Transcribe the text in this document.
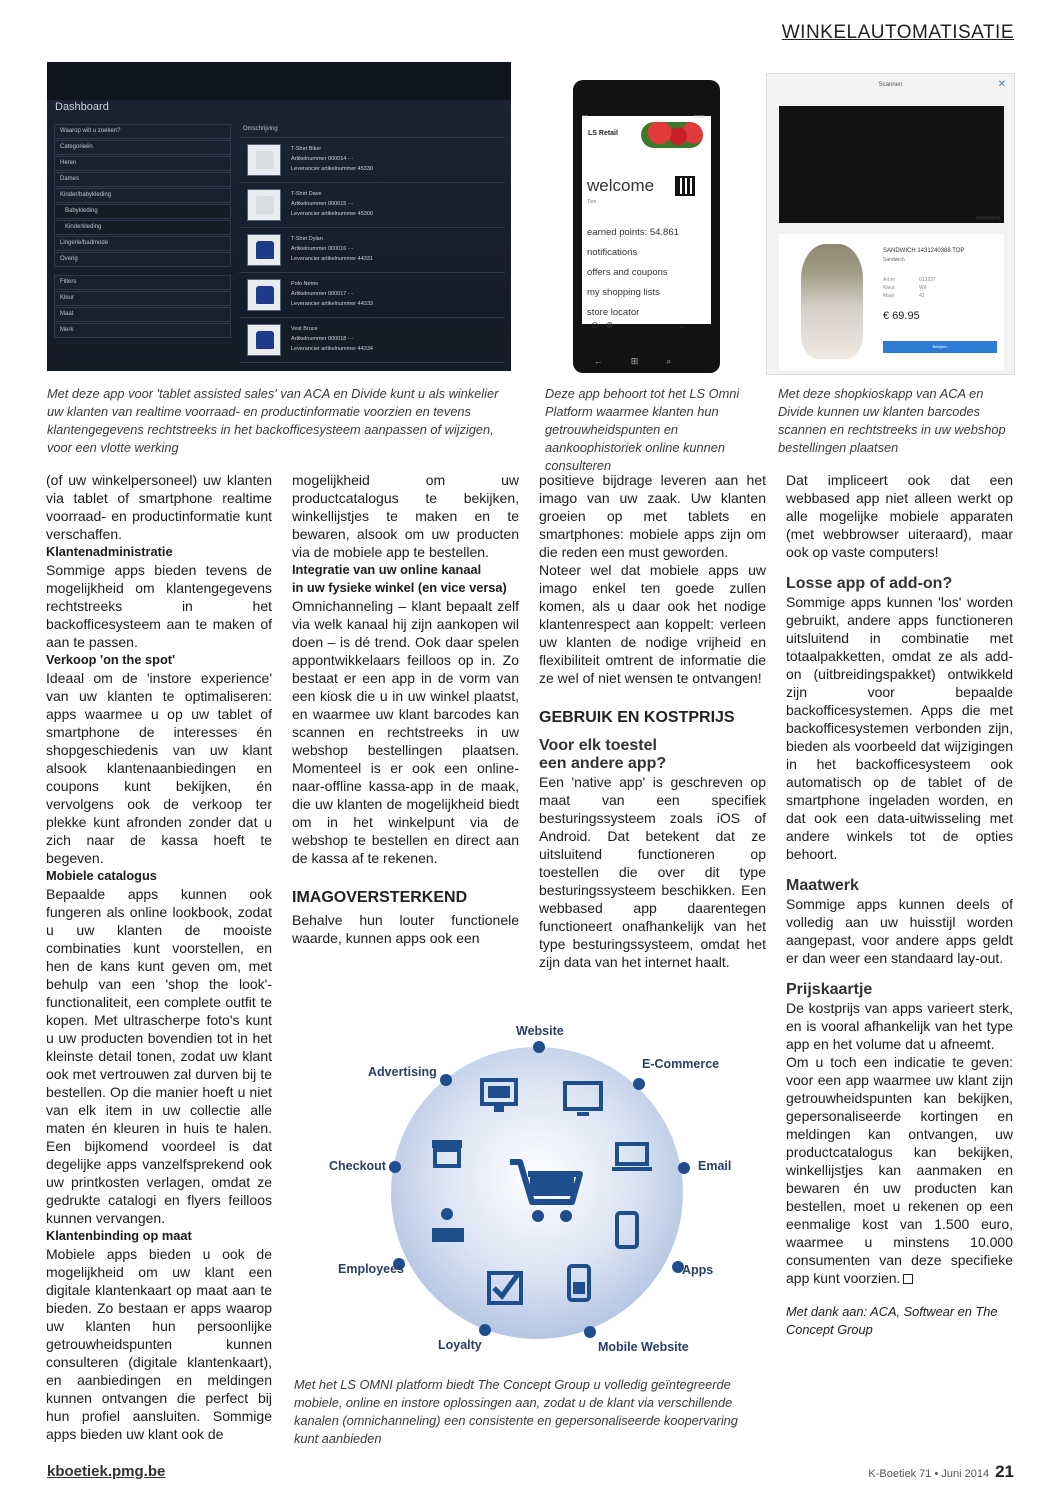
WINKELAUTOMATISATIE
Dashboard
Waarop wilt u zoeken?
Categorieën
Heren
Dames
Kinder/babykleding
Babykleding
Kinderkleding
Lingerie/badmode
Overig
Filters
Kleur
Maat
Merk
Omschrijving
T-Shirt Biker
Artikelnummer 000014 - -
Leverancier artikelnummer 45330
T-Shirt Dave
Artikelnummer 000015 - -
Leverancier artikelnummer 45300
T-Shirt Dylan
Artikelnummer 000016 - -
Leverancier artikelnummer 44331
Polo Nemo
Artikelnummer 000017 - -
Leverancier artikelnummer 44333
Vest Bruce
Artikelnummer 000018 - -
Leverancier artikelnummer 44334
LS Retail
4G	12:36
welcome
Tom
earned points: 54.861
notifications
offers and coupons
my shopping lists
store locator
⊙   ⊕	…
←⊞⌕
Scannen	✕
2013/04/8100
SANDWICH 1431240388 TOP
Sandwich
Art.nr	013237
Kleur	Wit
Maat	42
€ 69.95
Bekijken
Met deze app voor 'tablet assisted sales' van ACA en Divide kunt u als winkelier uw klanten van realtime voorraad- en productinformatie voorzien en tevens klantengegevens rechtstreeks in het backofficesysteem aanpassen of wijzigen, voor een vlotte werking
Deze app behoort tot het LS Omni Platform waarmee klanten hun getrouwheidspunten en aankoophistoriek online kunnen consulteren
Met deze shopkioskapp van ACA en Divide kunnen uw klanten barcodes scannen en rechtstreeks in uw webshop bestellingen plaatsen

(of uw winkelpersoneel) uw klanten via tablet of smartphone realtime voorraad- en productinformatie kunt verschaffen.

Klantenadministratie

Sommige apps bieden tevens de mogelijkheid om klantengegevens rechtstreeks in het backofficesysteem aan te maken of aan te passen.

Verkoop 'on the spot'

Ideaal om de 'instore experience' van uw klanten te optimaliseren: apps waarmee u op uw tablet of smartphone de interesses én shopgeschiedenis van uw klant alsook klantenaanbiedingen en coupons kunt bekijken, én vervolgens ook de verkoop ter plekke kunt afronden zonder dat u zich naar de kassa hoeft te begeven.

Mobiele catalogus

Bepaalde apps kunnen ook fungeren als online lookbook, zodat u uw klanten de mooiste combinaties kunt voorstellen, en hen de kans kunt geven om, met behulp van een 'shop the look'-functionaliteit, een complete outfit te kopen. Met ultrascherpe foto's kunt u uw producten bovendien tot in het kleinste detail tonen, zodat uw klant ook met vertrouwen zal durven bij te bestellen. Op die manier hoeft u niet van elk item in uw collectie alle maten én kleuren in huis te halen. Een bijkomend voordeel is dat degelijke apps vanzelfsprekend ook uw printkosten verlagen, omdat ze gedrukte catalogi en flyers feilloos kunnen vervangen.

Klantenbinding op maat

Mobiele apps bieden u ook de mogelijkheid om uw klant een digitale klantenkaart op maat aan te bieden. Zo bestaan er apps waarop uw klanten hun persoonlijke getrouwheidspunten kunnen consulteren (digitale klantenkaart), en aanbiedingen en meldingen kunnen ontvangen die perfect bij hun profiel aansluiten. Sommige apps bieden uw klant ook de

mogelijkheid om uw productcatalogus te bekijken, winkellijstjes te maken en te bewaren, alsook om uw producten via de mobiele app te bestellen.

Integratie van uw online kanaal

in uw fysieke winkel (en vice versa)

Omnichanneling – klant bepaalt zelf via welk kanaal hij zijn aankopen wil doen – is dé trend. Ook daar spelen appontwikkelaars feilloos op in. Zo bestaat er een app in de vorm van een kiosk die u in uw winkel plaatst, en waarmee uw klant barcodes kan scannen en rechtstreeks in uw webshop bestellingen plaatsen. Momenteel is er ook een online-naar-offline kassa-app in de maak, die uw klanten de mogelijkheid biedt om in het winkelpunt via de webshop te bestellen en direct aan de kassa af te rekenen.

IMAGOVERSTERKEND

Behalve hun louter functionele waarde, kunnen apps ook een

positieve bijdrage leveren aan het imago van uw zaak. Uw klanten groeien op met tablets en smartphones: mobiele apps zijn om die reden een must geworden.

Noteer wel dat mobiele apps uw imago enkel ten goede zullen komen, als u daar ook het nodige klantenrespect aan koppelt: verleen uw klanten de nodige vrijheid en flexibiliteit omtrent de informatie die ze wel of niet wensen te ontvangen!

GEBRUIK EN KOSTPRIJS

Voor elk toestel

een andere app?

Een 'native app' is geschreven op maat van een specifiek besturingssysteem zoals iOS of Android. Dat betekent dat ze uitsluitend functioneren op toestellen die over dit type besturingssysteem beschikken. Een webbased app daarentegen functioneert onafhankelijk van het type besturingssysteem, omdat het zijn data van het internet haalt.

Dat impliceert ook dat een webbased app niet alleen werkt op alle mogelijke mobiele apparaten (met webbrowser uiteraard), maar ook op vaste computers!

Losse app of add-on?

Sommige apps kunnen 'los' worden gebruikt, andere apps functioneren uitsluitend in combinatie met totaalpakketten, omdat ze als add-on (uitbreidingspakket) ontwikkeld zijn voor bepaalde backofficesystemen. Apps die met backofficesystemen verbonden zijn, bieden als voorbeeld dat wijzigingen in het backofficesysteem ook automatisch op de tablet of de smartphone ingeladen worden, en dat ook een data-uitwisseling met andere winkels tot de opties behoort.

Maatwerk

Sommige apps kunnen deels of volledig aan uw huisstijl worden aangepast, voor andere apps geldt er dan weer een standaard lay-out.

Prijskaartje

De kostprijs van apps varieert sterk, en is vooral afhankelijk van het type app en het volume dat u afneemt.

Om u toch een indicatie te geven: voor een app waarmee uw klant zijn getrouwheidspunten kan bekijken, gepersonaliseerde kortingen en meldingen kan ontvangen, uw productcatalogus kan bekijken, winkellijstjes kan aanmaken en bewaren én uw producten kan bestellen, moet u rekenen op een eenmalige kost van 1.500 euro, waarmee u minstens 10.000 consumenten van deze specifieke app kunt voorzien.

Met dank aan: ACA, Softwear en The Concept Group

Website
E-Commerce
Email
Apps
Mobile Website
Loyalty
Employees
Checkout
Advertising
Met het LS OMNI platform biedt The Concept Group u volledig geïntegreerde mobiele, online en instore oplossingen aan, zodat u de klant via verschillende kanalen (omnichanneling) een consistente en gepersonaliseerde koopervaring kunt aanbieden
kboetiek.pmg.be	K-Boetiek 71 • Juni 2014 21
